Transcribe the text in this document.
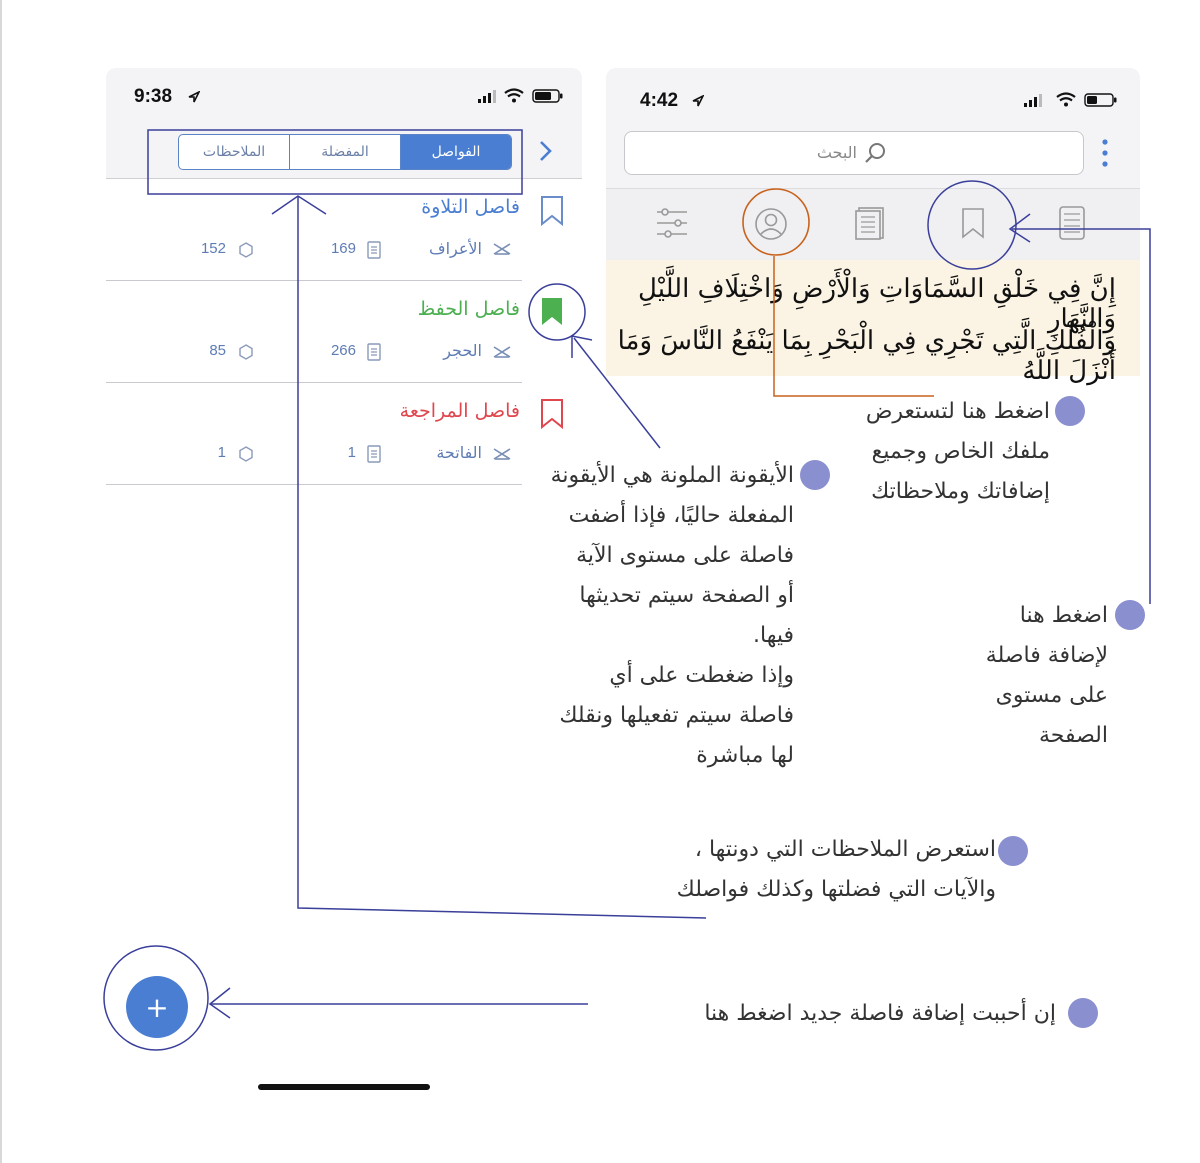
9:38
الملاحظات	المفضلة	الفواصل
فاصل التلاوة
الأعراف
169
152
فاصل الحفظ
الحجر
266
85
فاصل المراجعة
الفاتحة
1
1
4:42
البحث
إِنَّ فِي خَلْقِ السَّمَاوَاتِ وَالْأَرْضِ وَاخْتِلَافِ اللَّيْلِ وَالنَّهَارِ
وَالْفُلْكِ الَّتِي تَجْرِي فِي الْبَحْرِ بِمَا يَنْفَعُ النَّاسَ وَمَا أَنْزَلَ اللَّهُ
+
اضغط هنا لتستعرض
ملفك الخاص وجميع
إضافاتك وملاحظاتك
الأيقونة الملونة هي الأيقونة
المفعلة حاليًا، فإذا أضفت
فاصلة على مستوى الآية
أو الصفحة سيتم تحديثها
فيها.
وإذا ضغطت على أي
فاصلة سيتم تفعيلها ونقلك
لها مباشرة
اضغط هنا
لإضافة فاصلة
على مستوى
الصفحة
استعرض الملاحظات التي دونتها ،
والآيات التي فضلتها وكذلك فواصلك
إن أحببت إضافة فاصلة جديد اضغط هنا
